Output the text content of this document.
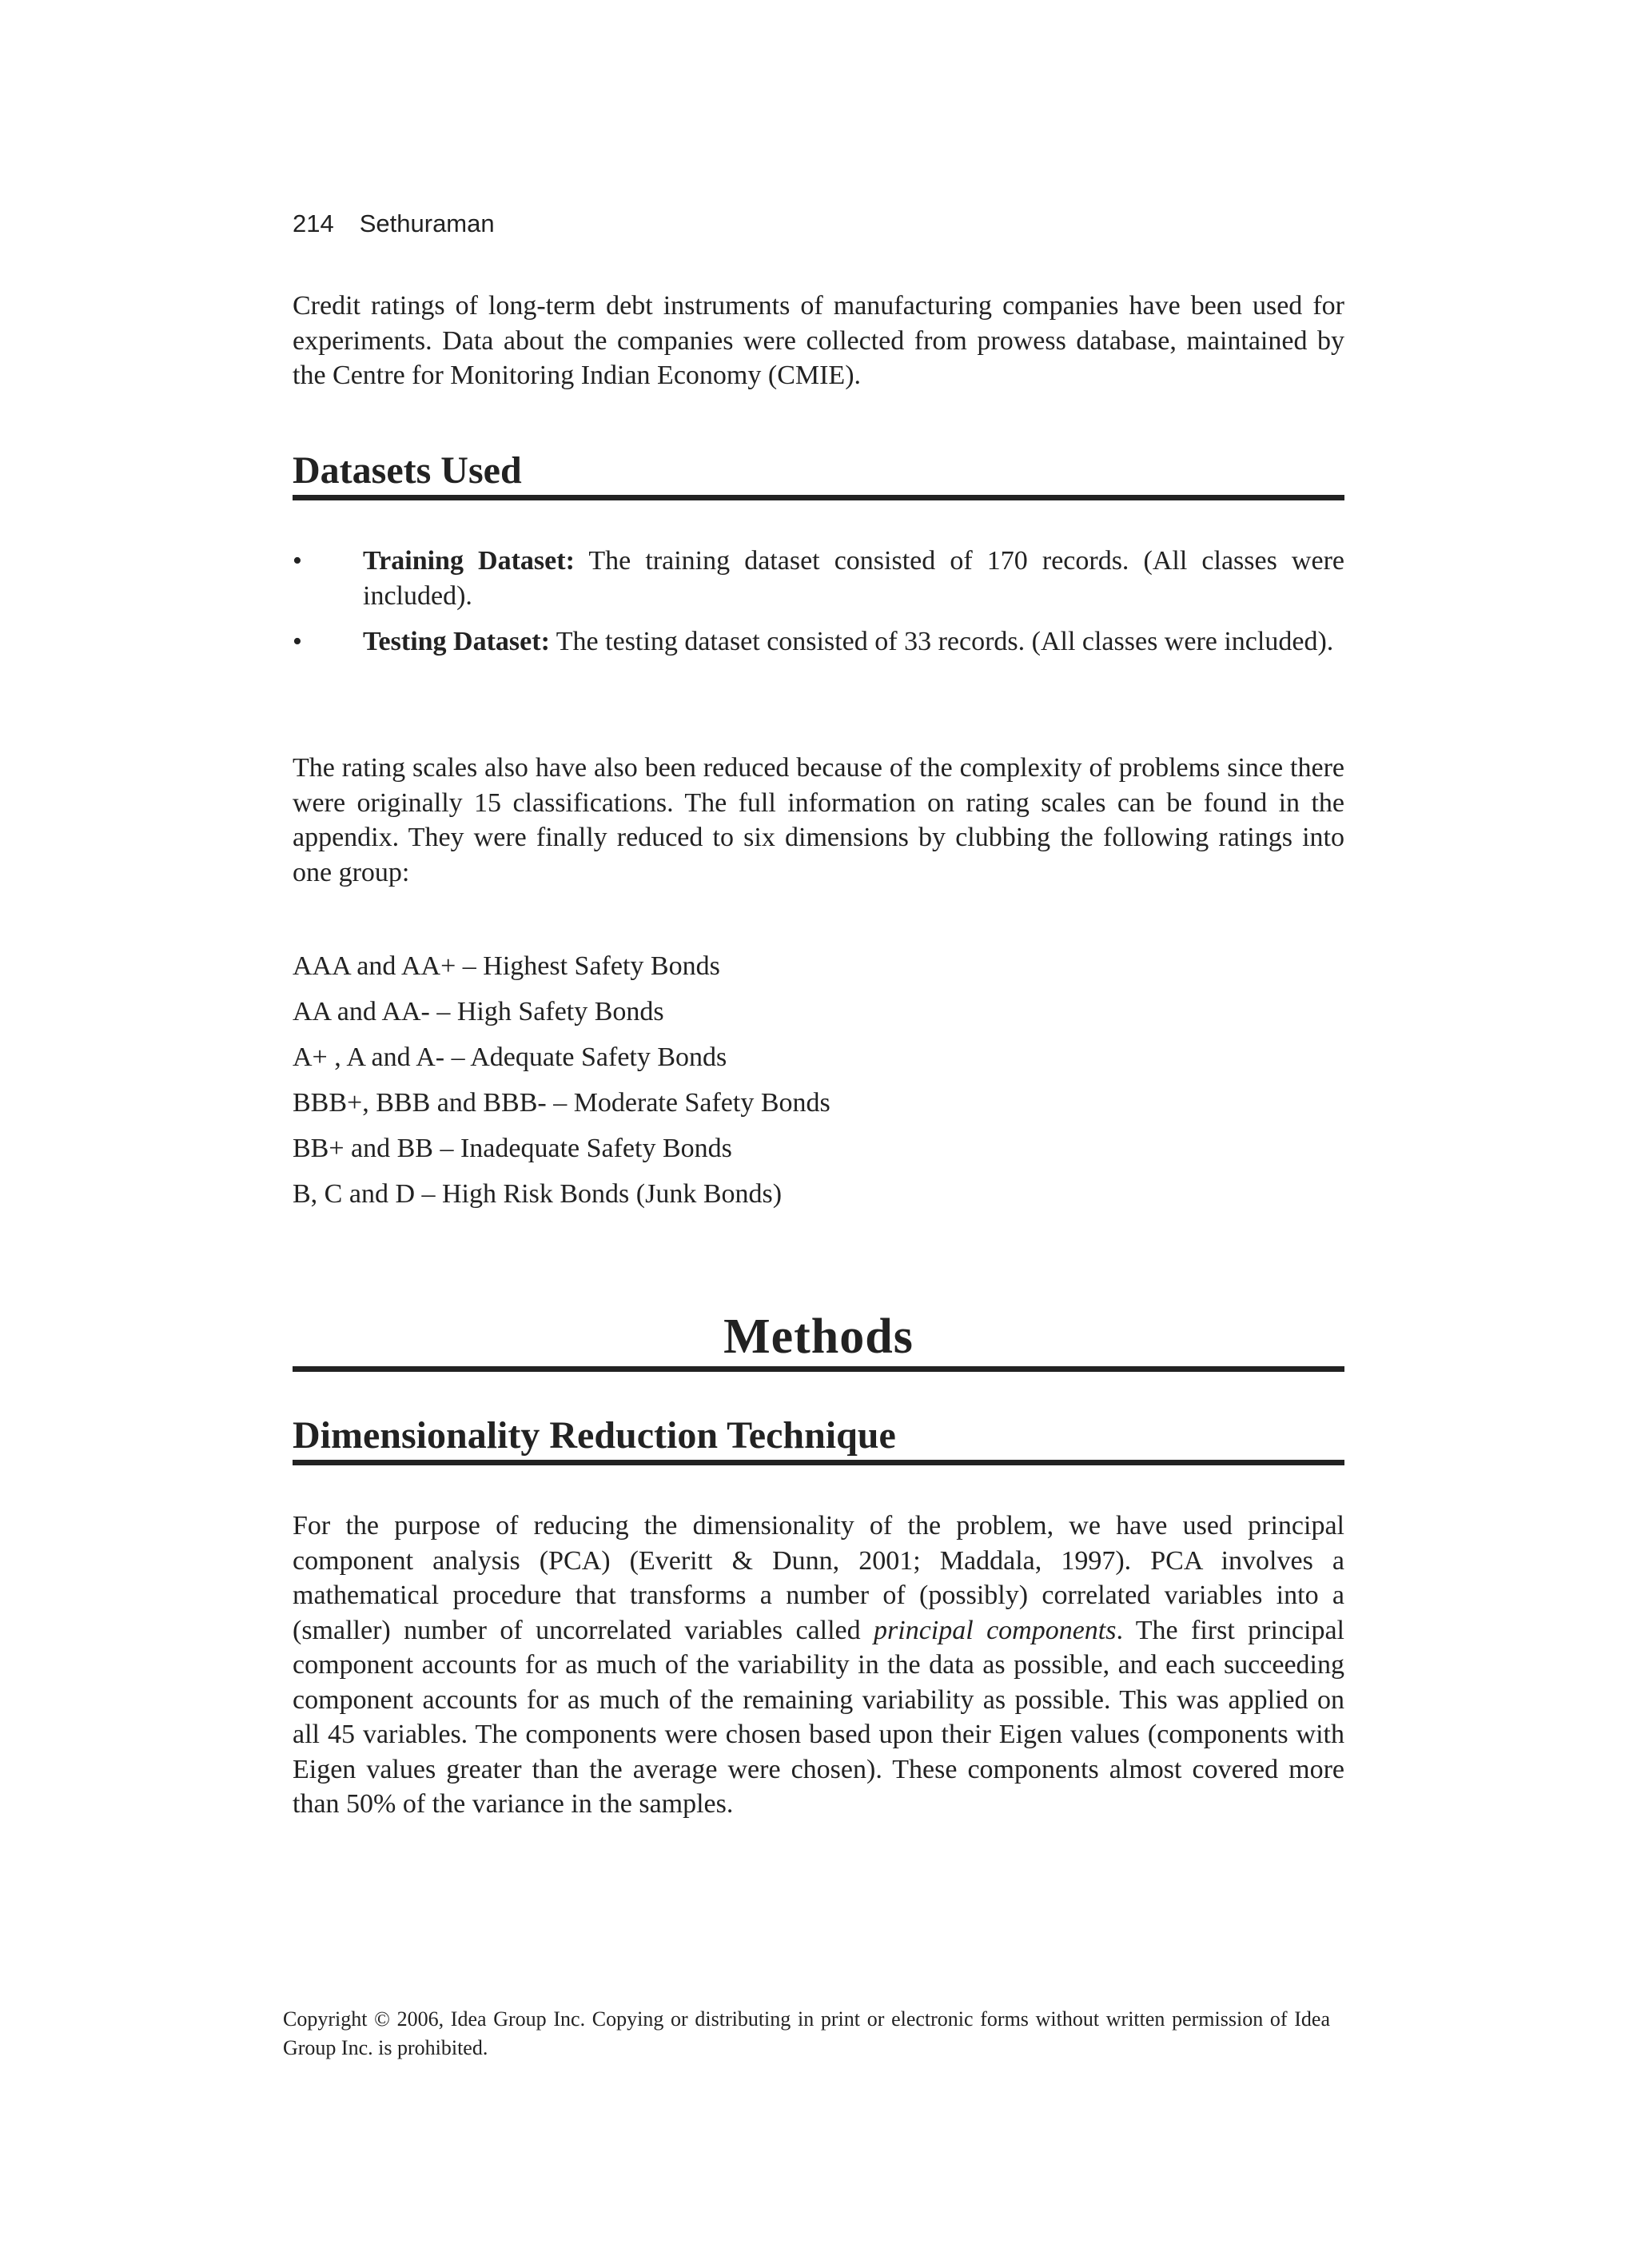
214 Sethuraman

Credit ratings of long-term debt instruments of manufacturing companies have been used for experiments. Data about the companies were collected from prowess database, maintained by the Centre for Monitoring Indian Economy (CMIE).

Datasets Used
• Training Dataset: The training dataset consisted of 170 records. (All classes were included).
• Testing Dataset: The testing dataset consisted of 33 records. (All classes were included).

The rating scales also have also been reduced because of the complexity of problems since there were originally 15 classifications. The full information on rating scales can be found in the appendix. They were finally reduced to six dimensions by clubbing the following ratings into one group:

AAA and AA+ – Highest Safety Bonds
AA and AA- – High Safety Bonds
A+ , A and A- – Adequate Safety Bonds
BBB+, BBB and BBB- – Moderate Safety Bonds
BB+ and BB – Inadequate Safety Bonds
B, C and D – High Risk Bonds (Junk Bonds)
Methods
Dimensionality Reduction Technique

For the purpose of reducing the dimensionality of the problem, we have used principal component analysis (PCA) (Everitt & Dunn, 2001; Maddala, 1997). PCA involves a mathematical procedure that transforms a number of (possibly) correlated variables into a (smaller) number of uncorrelated variables called principal components. The first principal component accounts for as much of the variability in the data as possible, and each succeeding component accounts for as much of the remaining variability as possible. This was applied on all 45 variables. The components were chosen based upon their Eigen values (components with Eigen values greater than the average were chosen). These components almost covered more than 50% of the variance in the samples.

Copyright © 2006, Idea Group Inc. Copying or distributing in print or electronic forms without written permission of Idea Group Inc. is prohibited.
